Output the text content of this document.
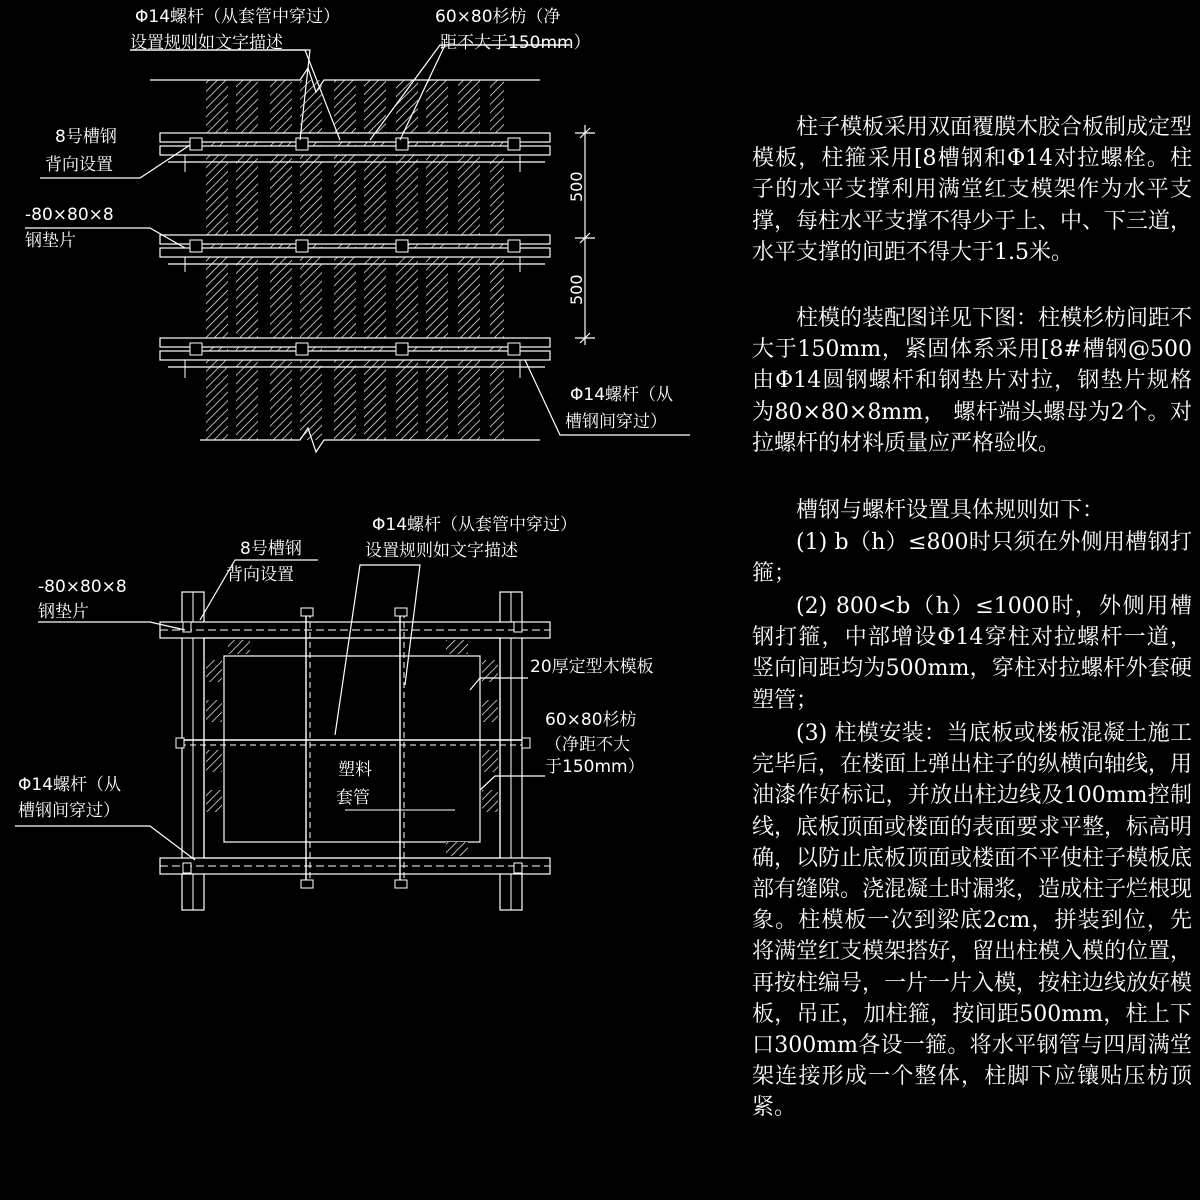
Φ14螺杆（从套管中穿过）
设置规则如文字描述
60×80杉枋（净
距不大于150mm）
8号槽钢
背向设置
-80×80×8
钢垫片
500
500
Φ14螺杆（从
槽钢间穿过）
Φ14螺杆（从套管中穿过）
设置规则如文字描述
8号槽钢
背向设置
-80×80×8
钢垫片
20厚定型木模板
60×80杉枋
（净距不大
于150mm）
Φ14螺杆（从
槽钢间穿过）
塑料
套管

柱子模板采用双面覆膜木胶合板制成定型模板，柱箍采用[8槽钢和Φ14对拉螺栓。柱子的水平支撑利用满堂红支模架作为水平支撑，每柱水平支撑不得少于上、中、下三道，水平支撑的间距不得大于1.5米。

柱模的装配图详见下图：柱模杉枋间距不大于150mm，紧固体系采用[8#槽钢@500由Φ14圆钢螺杆和钢垫片对拉，钢垫片规格为80×80×8mm， 螺杆端头螺母为2个。对拉螺杆的材料质量应严格验收。

槽钢与螺杆设置具体规则如下：

(1) b（h）≤800时只须在外侧用槽钢打箍；

(2) 800<b（h）≤1000时，外侧用槽钢打箍，中部增设Φ14穿柱对拉螺杆一道，竖向间距均为500mm，穿柱对拉螺杆外套硬塑管；

(3) 柱模安装：当底板或楼板混凝土施工完毕后，在楼面上弹出柱子的纵横向轴线，用油漆作好标记，并放出柱边线及100mm控制线，底板顶面或楼面的表面要求平整，标高明确，以防止底板顶面或楼面不平使柱子模板底部有缝隙。浇混凝土时漏浆，造成柱子烂根现象。柱模板一次到梁底2cm，拼装到位，先将满堂红支模架搭好，留出柱模入模的位置，再按柱编号，一片一片入模，按柱边线放好模板，吊正，加柱箍，按间距500mm，柱上下口300mm各设一箍。将水平钢管与四周满堂架连接形成一个整体，柱脚下应镶贴压枋顶紧。
